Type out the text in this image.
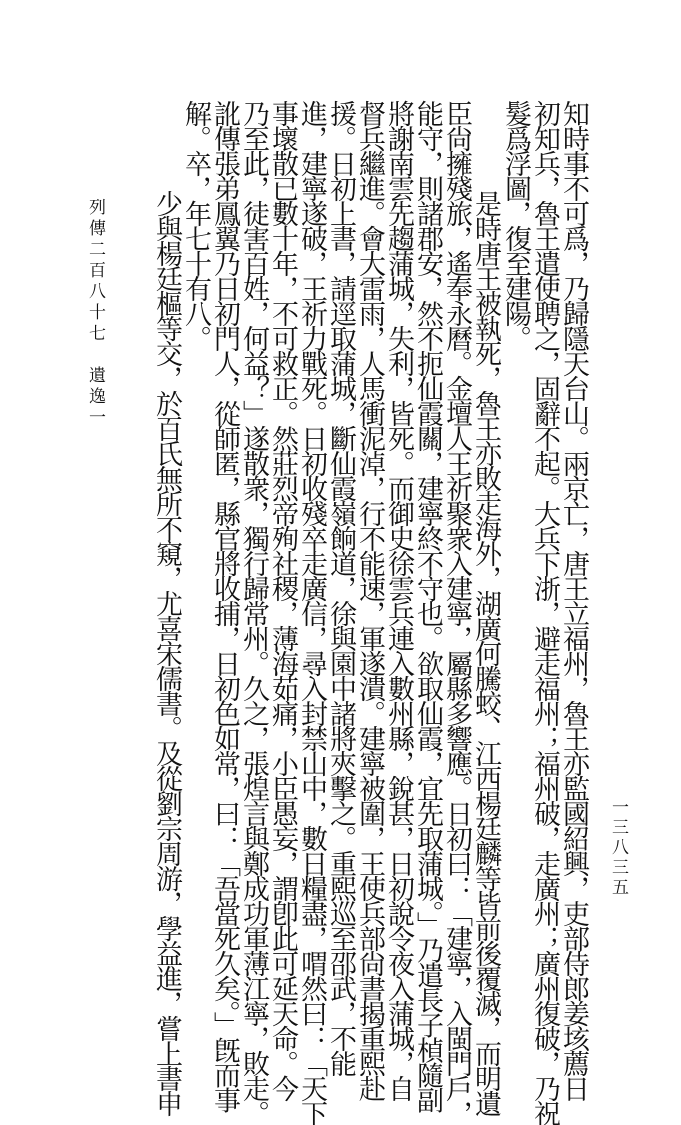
列傳二百八十七　遺逸一
一三八三五
知時事不可爲，乃歸隱天台山。兩京亡，唐王立福州，魯王亦監國紹興，吏部侍郎姜垓薦日
初知兵，魯王遣使聘之，固辭不起。大兵下浙，避走福州；福州破，走廣州；廣州復破，乃祝
髮爲浮圖，復至建陽。
是時唐王被執死，魯王亦敗走海外，湖廣何騰蛟、江西楊廷麟等皆前後覆滅，而明遺
臣尙擁殘旅，遙奉永曆。金壇人王祈聚衆入建寧，屬縣多響應。日初曰：「建寧，入閩門戶，
能守，則諸郡安，然不扼仙霞關，建寧終不守也。欲取仙霞，宜先取蒲城。」乃遣長子楨隨副
將謝南雲先趨蒲城，失利，皆死。而御史徐雲兵連入數州縣，銳甚，日初說令夜入蒲城，自
督兵繼進。會大雷雨，人馬衝泥淖，行不能速，軍遂潰。建寧被圍，王使兵部尙書揭重熙赴
援。日初上書，請逕取蒲城，斷仙霞嶺餉道，徐與園中諸將夾擊之。重熙巡至邵武，不能
進，建寧遂破，王祈力戰死。日初收殘卒走廣信，尋入封禁山中，數日糧盡，喟然曰：「天下
事壞散已數十年，不可救正。然莊烈帝殉社稷，薄海茹痛，小臣愚妄，謂卽此可延天命。今
乃至此，徒害百姓，何益？」遂散衆，獨行歸常州。久之，張煌言與鄭成功軍薄江寧，敗走。
訛傳張弟鳳翼乃日初門人，從師匿，縣官將收捕，日初色如常，曰：「吾當死久矣。」旣而事
解。卒，年七十有八。
少與楊廷樞等交，於百氏無所不窺，尤喜宋儒書。及從劉宗周游，學益進，嘗上書申
